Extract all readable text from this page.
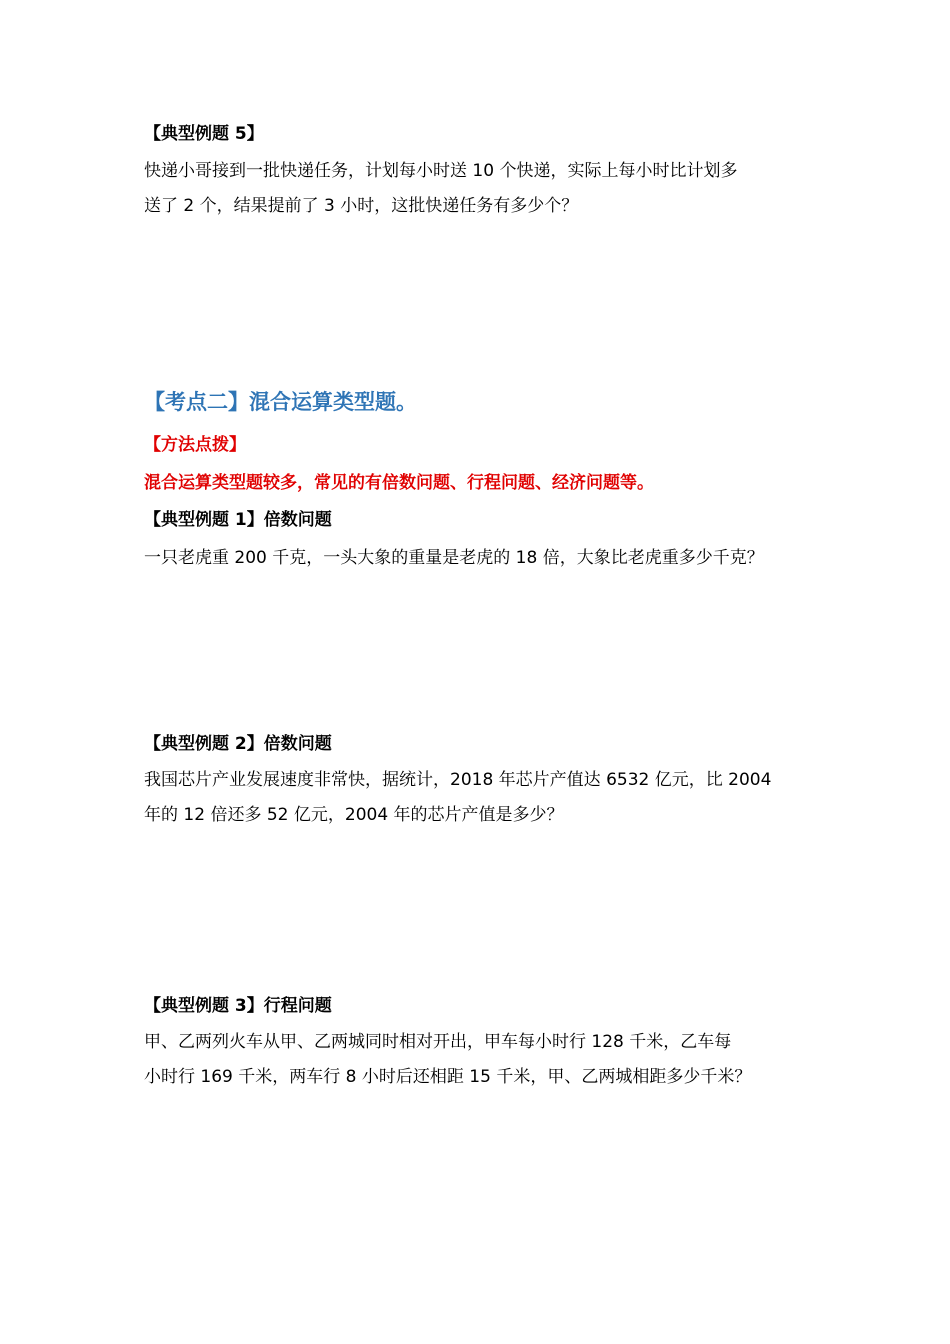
【典型例题 5】

快递小哥接到一批快递任务，计划每小时送 10 个快递，实际上每小时比计划多

送了 2 个，结果提前了 3 小时，这批快递任务有多少个？

【考点二】混合运算类型题。
【方法点拨】
混合运算类型题较多，常见的有倍数问题、行程问题、经济问题等。
【典型例题 1】倍数问题

一只老虎重 200 千克，一头大象的重量是老虎的 18 倍，大象比老虎重多少千克？

【典型例题 2】倍数问题

我国芯片产业发展速度非常快，据统计，2018 年芯片产值达 6532 亿元，比 2004

年的 12 倍还多 52 亿元，2004 年的芯片产值是多少？

【典型例题 3】行程问题

甲、乙两列火车从甲、乙两城同时相对开出，甲车每小时行 128 千米，乙车每

小时行 169 千米，两车行 8 小时后还相距 15 千米，甲、乙两城相距多少千米？
